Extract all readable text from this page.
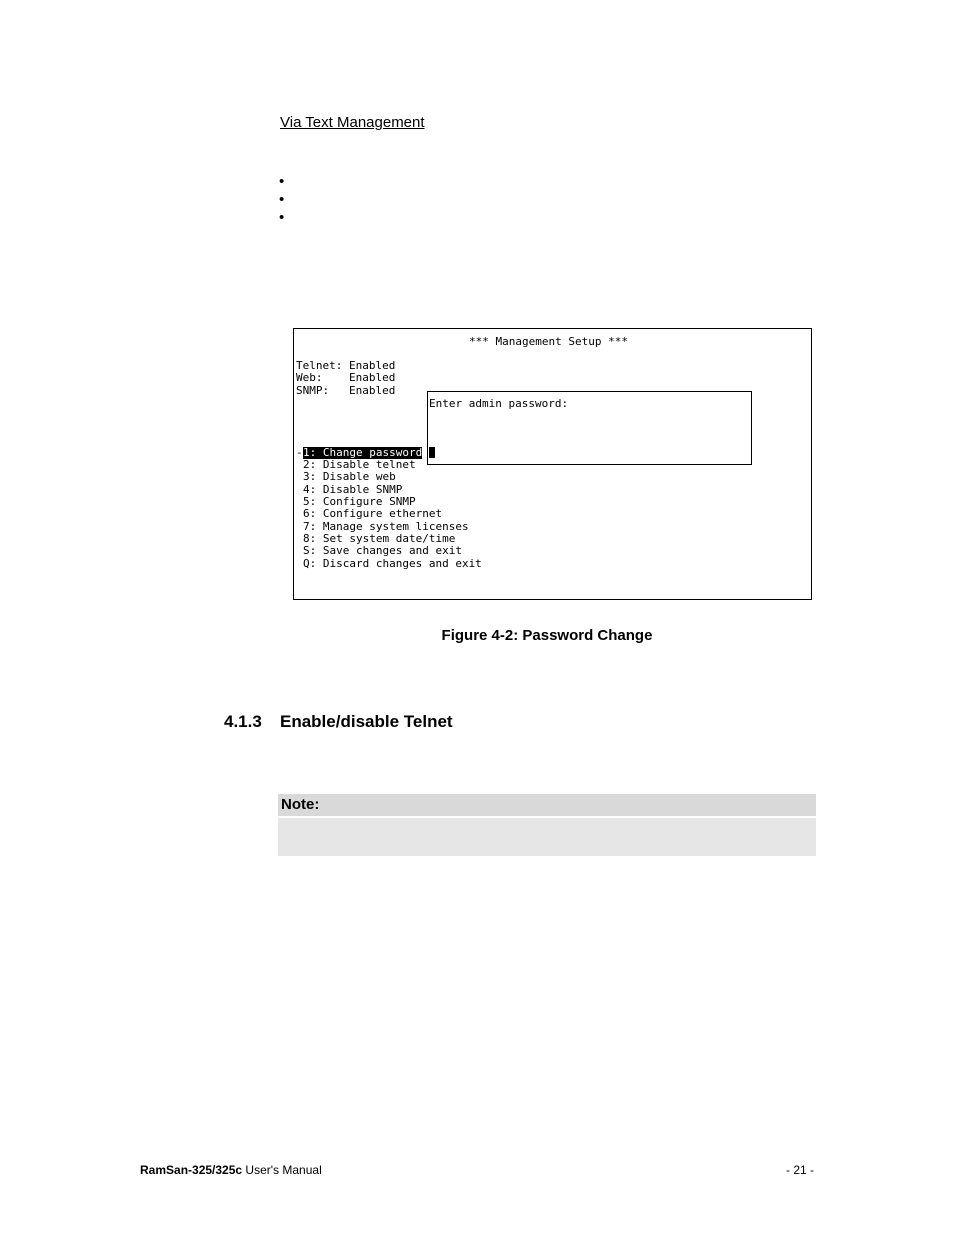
Via Text Management
•
•
•
*** Management Setup ***
Telnet: Enabled
Web:    Enabled
SNMP:   Enabled
Enter admin password:
- 1: Change password
2: Disable telnet
3: Disable web
4: Disable SNMP
5: Configure SNMP
6: Configure ethernet
7: Manage system licenses
8: Set system date/time
S: Save changes and exit
Q: Discard changes and exit
Figure 4-2: Password Change
4.1.3 Enable/disable Telnet
Note:
RamSan-325/325c User's Manual	- 21 -
